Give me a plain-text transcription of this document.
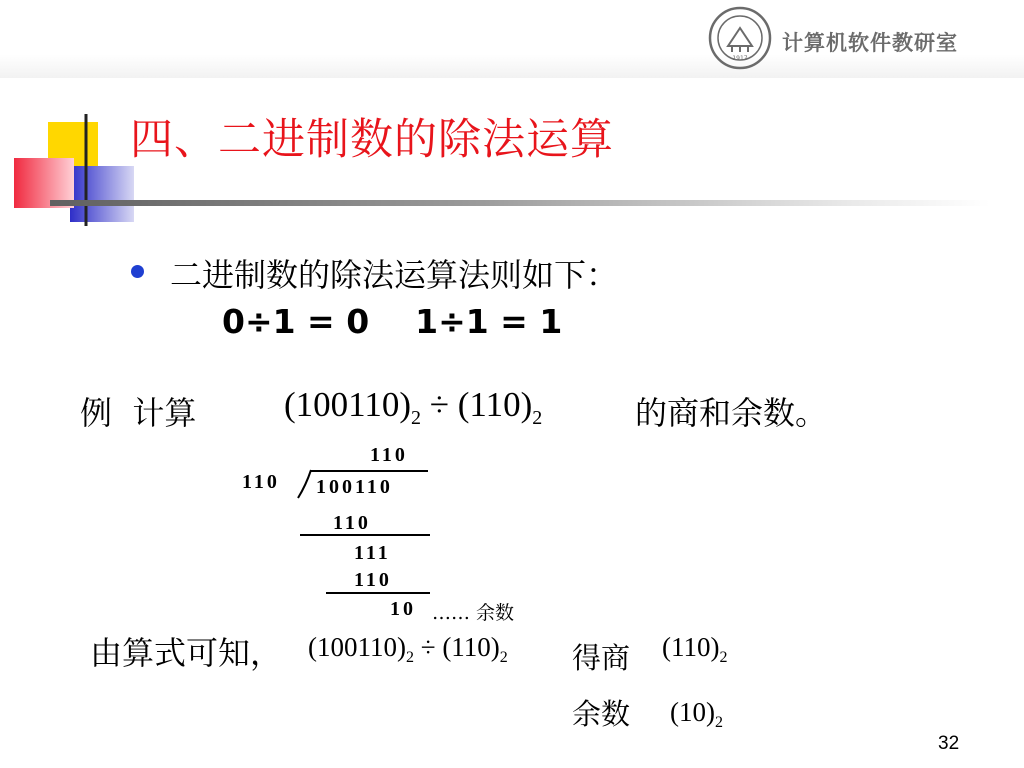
1917
计算机软件教研室
四、二进制数的除法运算
二进制数的除法运算法则如下：
0÷1 = 0    1÷1 = 1
例  计算	$(100110)_2 \div (110)_2$	的商和余数。
110
110 100110
110
111
110
10 …… 余数
由算式可知， $(100110)_2 \div (110)_2$ 得商 $(110)_2$
余数 $(10)_2$
32
